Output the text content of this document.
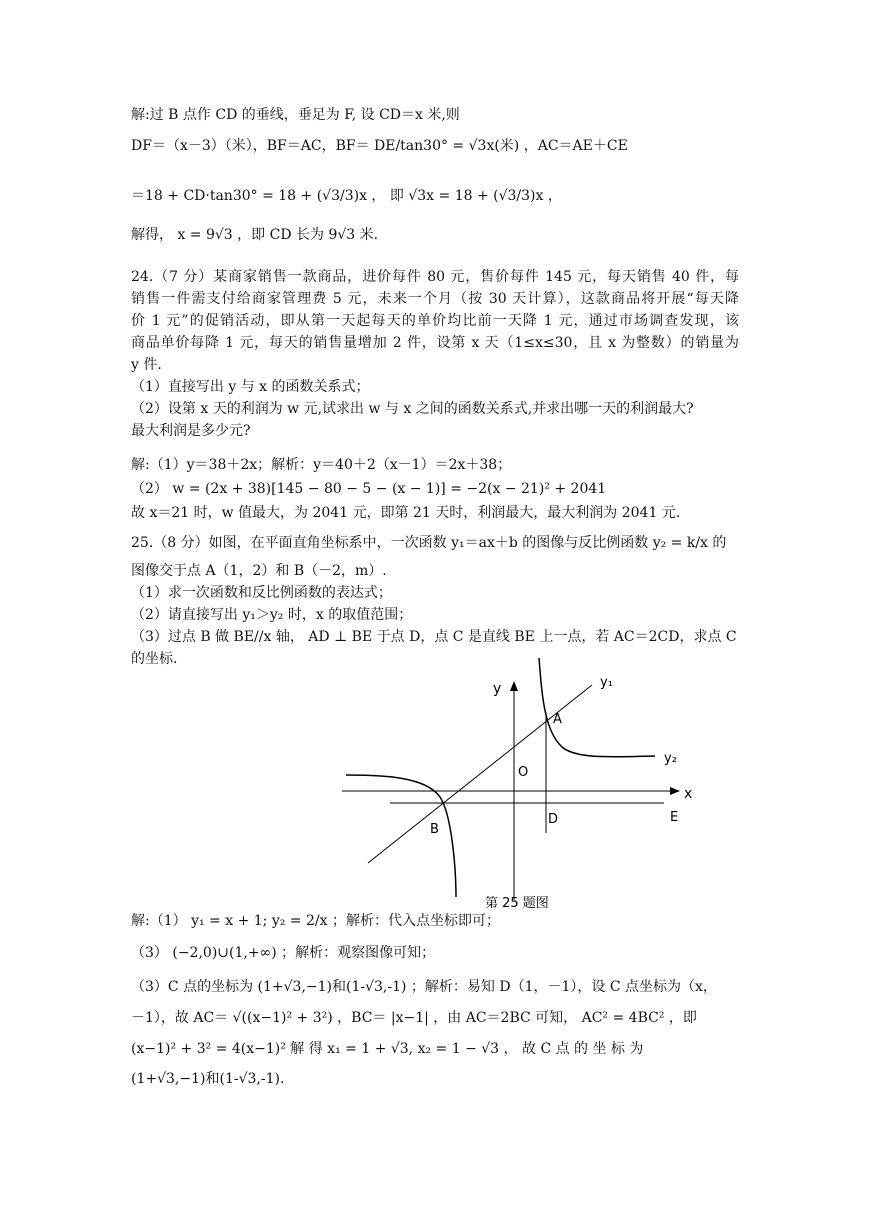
解:过 B 点作 CD 的垂线，垂足为 F, 设 CD＝x 米,则
DF＝（x－3）（米），BF＝AC，BF＝ DE/tan30° = √3x(米) ，AC＝AE＋CE
＝18 + CD·tan30° = 18 + (√3/3)x ， 即 √3x = 18 + (√3/3)x ，
解得， x = 9√3 ，即 CD 长为 9√3 米.
24.（7 分）某商家销售一款商品，进价每件 80 元，售价每件 145 元，每天销售 40 件，每
销售一件需支付给商家管理费 5 元，未来一个月（按 30 天计算），这款商品将开展“每天降
价 1 元”的促销活动，即从第一天起每天的单价均比前一天降 1 元，通过市场调查发现，该
商品单价每降 1 元，每天的销售量增加 2 件，设第 x 天（1≤x≤30，且 x 为整数）的销量为
y 件.
（1）直接写出 y 与 x 的函数关系式；
（2）设第 x 天的利润为 w 元,试求出 w 与 x 之间的函数关系式,并求出哪一天的利润最大?
最大利润是多少元?
解:（1）y＝38＋2x；解析：y＝40＋2（x－1）＝2x＋38；
（2） w = (2x + 38)[145 − 80 − 5 − (x − 1)] = −2(x − 21)² + 2041
故 x＝21 时，w 值最大，为 2041 元，即第 21 天时，利润最大，最大利润为 2041 元.
25.（8 分）如图，在平面直角坐标系中，一次函数 y₁＝ax＋b 的图像与反比例函数 y₂ = k/x 的
图像交于点 A（1，2）和 B（－2，m）.
（1）求一次函数和反比例函数的表达式；
（2）请直接写出 y₁＞y₂ 时，x 的取值范围；
（3）过点 B 做 BE//x 轴， AD ⊥ BE 于点 D，点 C 是直线 BE 上一点，若 AC＝2CD，求点 C
的坐标.
y	y₁
A
O
y₂
x
B
D	E
第 25 题图
解:（1） y₁ = x + 1; y₂ = 2/x ；解析：代入点坐标即可；
（3） (−2,0)∪(1,+∞) ；解析：观察图像可知；
（3）C 点的坐标为 (1+√3,−1)和(1-√3,-1) ；解析：易知 D（1，－1），设 C 点坐标为（x，
－1），故 AC＝ √((x−1)² + 3²) ，BC＝ |x−1| ，由 AC＝2BC 可知， AC² = 4BC² ，即
(x−1)² + 3² = 4(x−1)² 解 得 x₁ = 1 + √3, x₂ = 1 − √3 ， 故 C 点 的 坐 标 为
(1+√3,−1)和(1-√3,-1).
